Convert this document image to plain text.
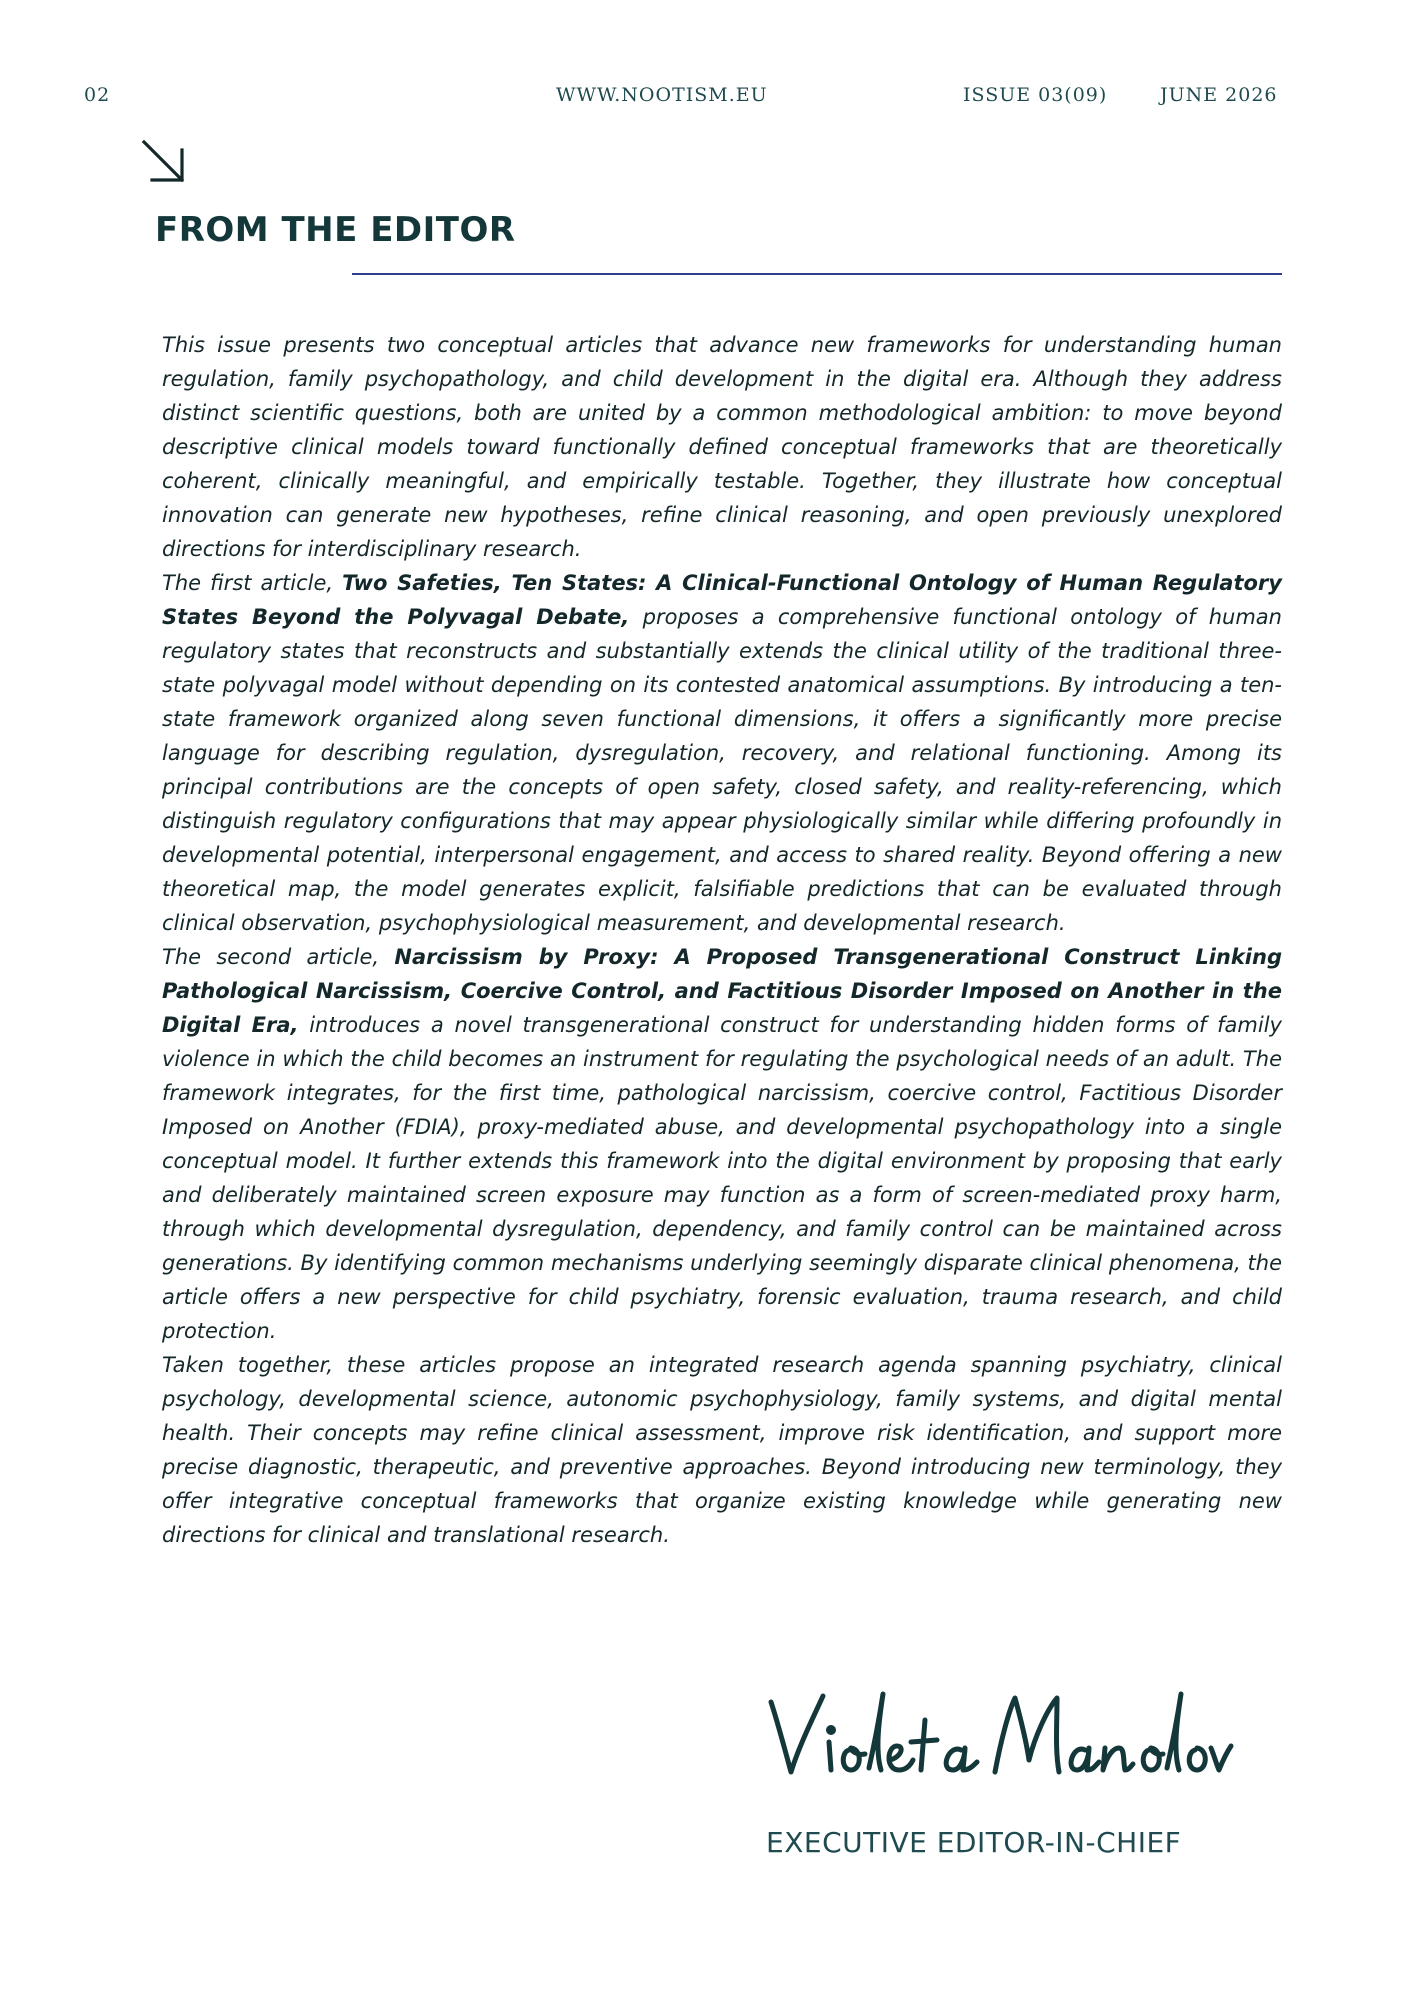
02	WWW.NOOTISM.EU	ISSUE 03(09)	JUNE 2026
FROM THE EDITOR

This issue presents two conceptual articles that advance new frameworks for understanding human regulation, family psychopathology, and child development in the digital era. Although they address distinct scientific questions, both are united by a common methodological ambition: to move beyond descriptive clinical models toward functionally defined conceptual frameworks that are theoretically coherent, clinically meaningful, and empirically testable. Together, they illustrate how conceptual innovation can generate new hypotheses, refine clinical reasoning, and open previously unexplored directions for interdisciplinary research.

The first article, Two Safeties, Ten States: A Clinical-Functional Ontology of Human Regulatory States Beyond the Polyvagal Debate, proposes a comprehensive functional ontology of human regulatory states that reconstructs and substantially extends the clinical utility of the traditional three-state polyvagal model without depending on its contested anatomical assumptions. By introducing a ten-state framework organized along seven functional dimensions, it offers a significantly more precise language for describing regulation, dysregulation, recovery, and relational functioning. Among its principal contributions are the concepts of open safety, closed safety, and reality-referencing, which distinguish regulatory configurations that may appear physiologically similar while differing profoundly in developmental potential, interpersonal engagement, and access to shared reality. Beyond offering a new theoretical map, the model generates explicit, falsifiable predictions that can be evaluated through clinical observation, psychophysiological measurement, and developmental research.

The second article, Narcissism by Proxy: A Proposed Transgenerational Construct Linking Pathological Narcissism, Coercive Control, and Factitious Disorder Imposed on Another in the Digital Era, introduces a novel transgenerational construct for understanding hidden forms of family violence in which the child becomes an instrument for regulating the psychological needs of an adult. The framework integrates, for the first time, pathological narcissism, coercive control, Factitious Disorder Imposed on Another (FDIA), proxy-mediated abuse, and developmental psychopathology into a single conceptual model. It further extends this framework into the digital environment by proposing that early and deliberately maintained screen exposure may function as a form of screen-mediated proxy harm, through which developmental dysregulation, dependency, and family control can be maintained across generations. By identifying common mechanisms underlying seemingly disparate clinical phenomena, the article offers a new perspective for child psychiatry, forensic evaluation, trauma research, and child protection.

Taken together, these articles propose an integrated research agenda spanning psychiatry, clinical psychology, developmental science, autonomic psychophysiology, family systems, and digital mental health. Their concepts may refine clinical assessment, improve risk identification, and support more precise diagnostic, therapeutic, and preventive approaches. Beyond introducing new terminology, they offer integrative conceptual frameworks that organize existing knowledge while generating new directions for clinical and translational research.

EXECUTIVE EDITOR-IN-CHIEF
